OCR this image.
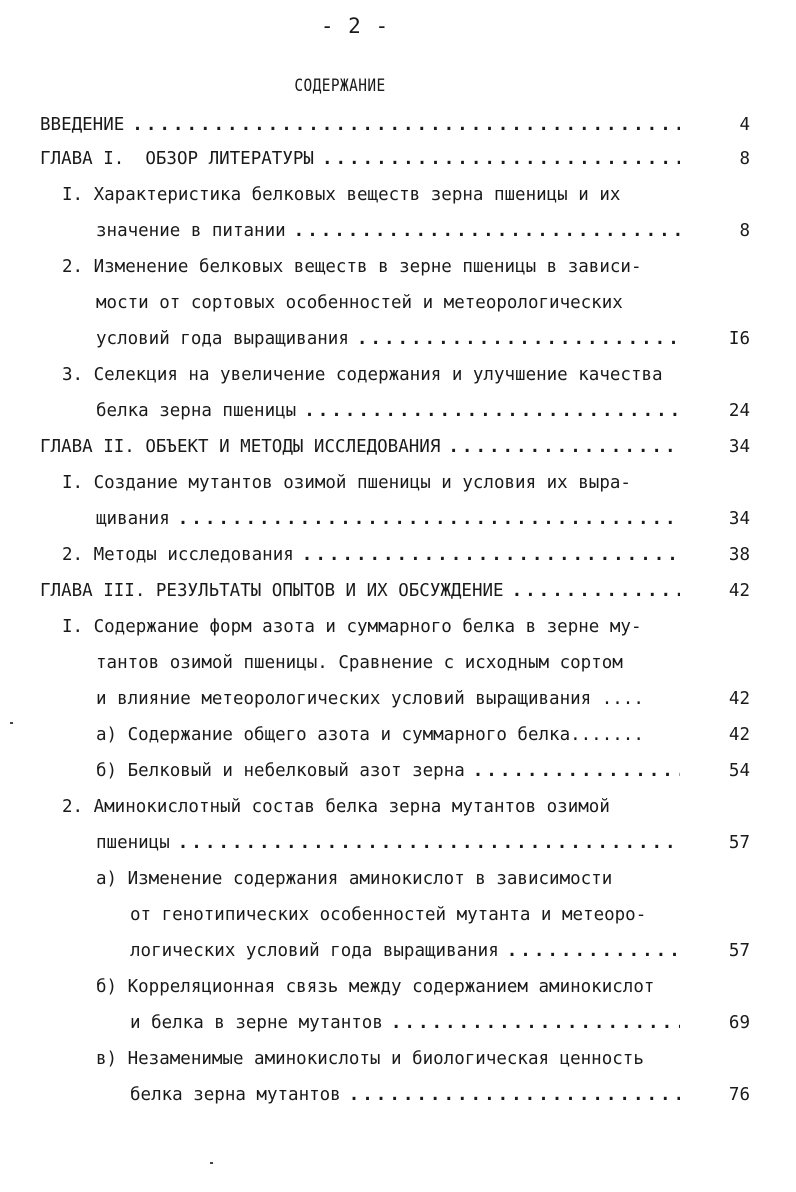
- 2 -
СОДЕРЖАНИЕ
ВВЕДЕНИЕ .....	4
ГЛАВА I.  ОБЗОР ЛИТЕРАТУРЫ .....	8
I. Характеристика белковых веществ зерна пшеницы и их
значение в питании .....	8
2. Изменение белковых веществ в зерне пшеницы в зависи-
мости от сортовых особенностей и метеорологических
условий года выращивания .....	I6
3. Селекция на увеличение содержания и улучшение качества
белка зерна пшеницы .....	24
ГЛАВА II. ОБЪЕКТ И МЕТОДЫ ИССЛЕДОВАНИЯ .....	34
I. Создание мутантов озимой пшеницы и условия их выра-
щивания .....	34
2. Методы исследования .....	38
ГЛАВА III. РЕЗУЛЬТАТЫ ОПЫТОВ И ИХ ОБСУЖДЕНИЕ .....	42
I. Содержание форм азота и суммарного белка в зерне му-
тантов озимой пшеницы. Сравнение с исходным сортом
и влияние метеорологических условий выращивания ....	42
а) Содержание общего азота и суммарного белка.......	42
б) Белковый и небелковый азот зерна .....	54
2. Аминокислотный состав белка зерна мутантов озимой
пшеницы .....	57
а) Изменение содержания аминокислот в зависимости
от генотипических особенностей мутанта и метеоро-
логических условий года выращивания .....	57
б) Корреляционная связь между содержанием аминокислот
и белка в зерне мутантов .....	69
в) Незаменимые аминокислоты и биологическая ценность
белка зерна мутантов .....	76
